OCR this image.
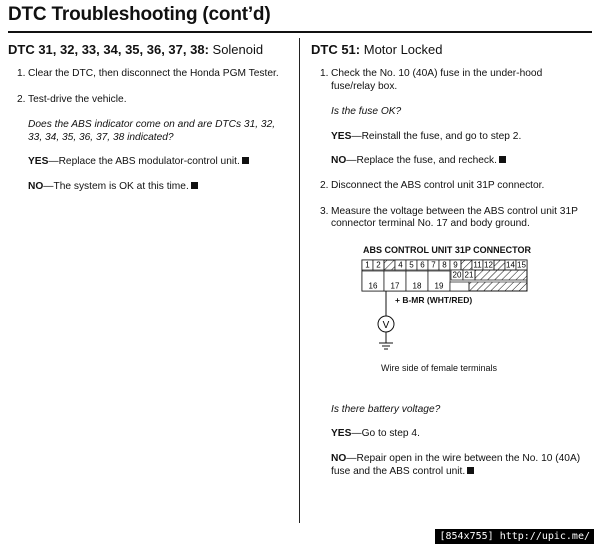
DTC Troubleshooting (cont’d)
DTC 31, 32, 33, 34, 35, 36, 37, 38: Solenoid
1. Clear the DTC, then disconnect the Honda PGM Tester.
2. Test-drive the vehicle.
Does the ABS indicator come on and are DTCs 31, 32, 33, 34, 35, 36, 37, 38 indicated?
YES—Replace the ABS modulator-control unit.
NO—The system is OK at this time.
DTC 51: Motor Locked
1. Check the No. 10 (40A) fuse in the under-hood fuse/relay box.
Is the fuse OK?
YES—Reinstall the fuse, and go to step 2.
NO—Replace the fuse, and recheck.
2. Disconnect the ABS control unit 31P connector.
3. Measure the voltage between the ABS control unit 31P connector terminal No. 17 and body ground.
ABS CONTROL UNIT 31P CONNECTOR
1 2 4 5 6 7 8 9 11 12 14 15
20 21
16 17 18 19
V
+ B-MR (WHT/RED)
Wire side of female terminals
Is there battery voltage?
YES—Go to step 4.
NO—Repair open in the wire between the No. 10 (40A) fuse and the ABS control unit.
[854x755] http://upic.me/
